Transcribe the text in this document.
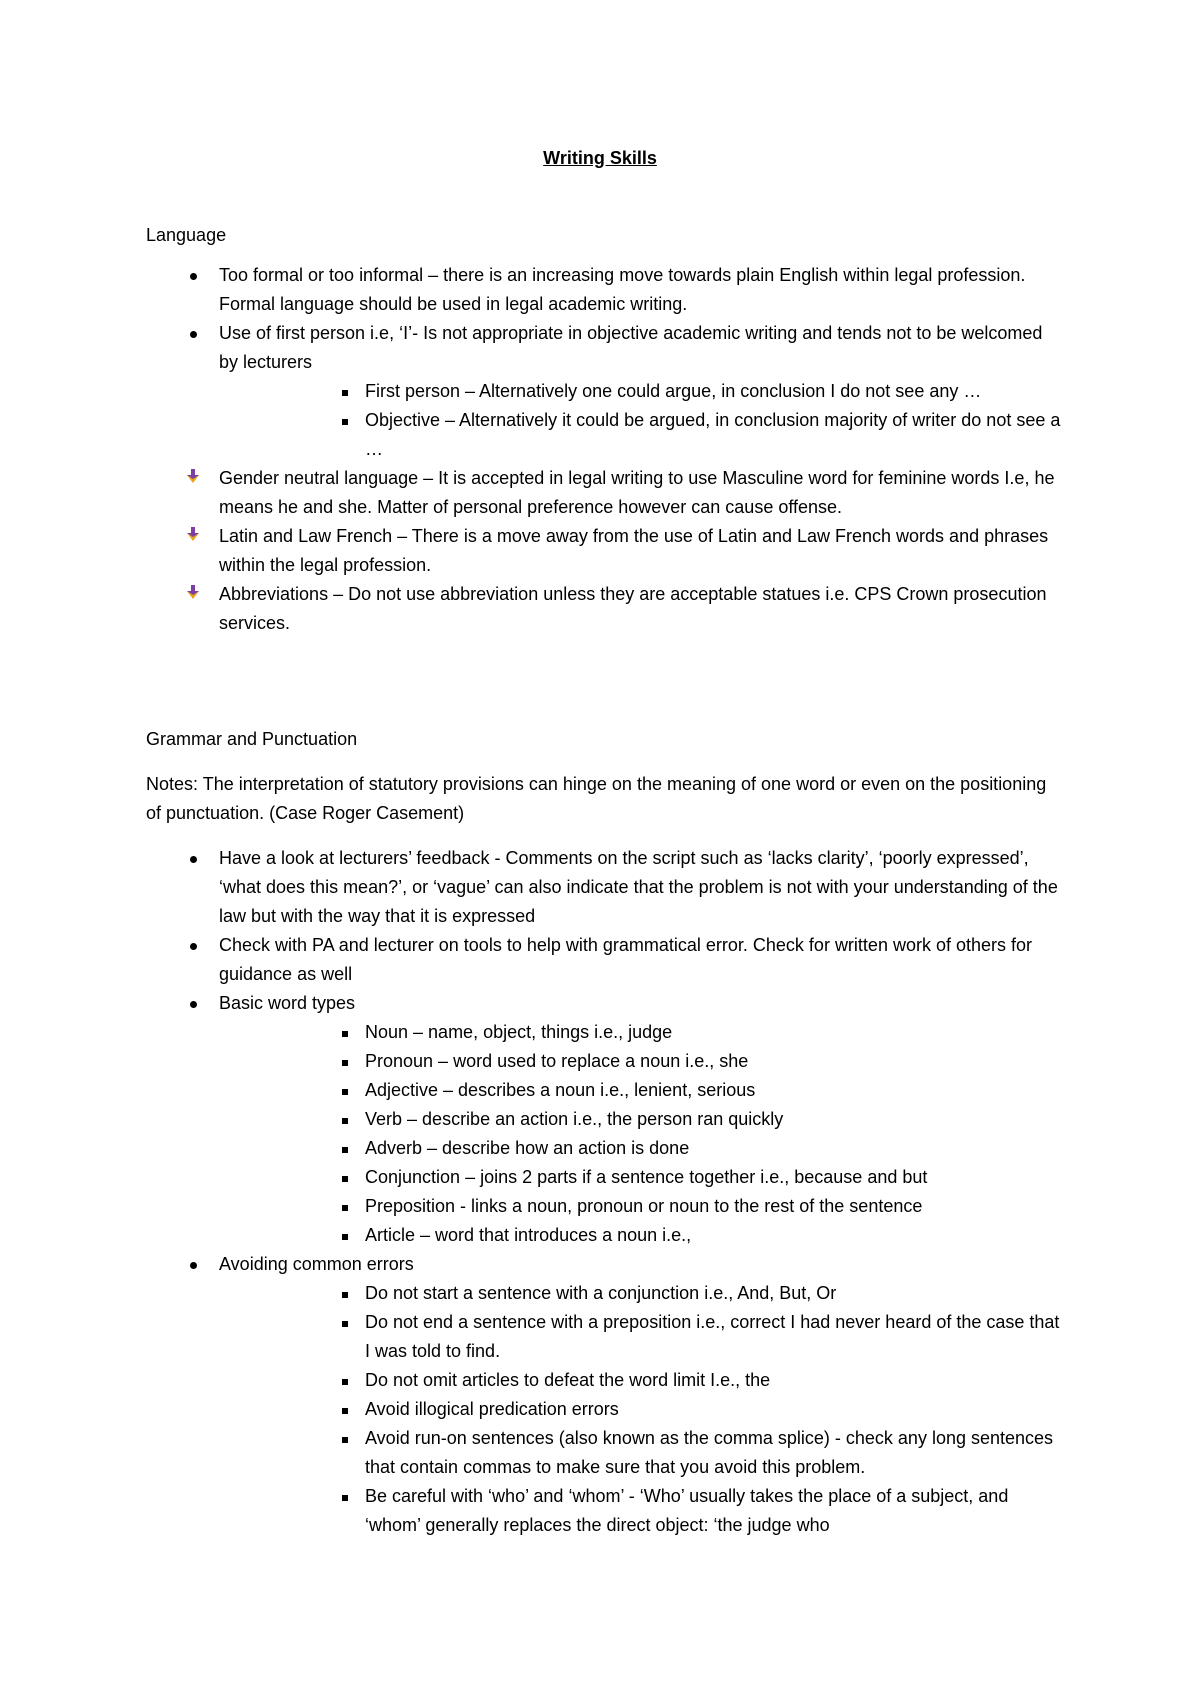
Writing Skills
Language
Too formal or too informal – there is an increasing move towards plain English within legal profession. Formal language should be used in legal academic writing.
Use of first person i.e, ‘I’- Is not appropriate in objective academic writing and tends not to be welcomed by lecturers
First person – Alternatively one could argue, in conclusion I do not see any …
Objective – Alternatively it could be argued, in conclusion majority of writer do not see a …
Gender neutral language – It is accepted in legal writing to use Masculine word for feminine words I.e, he means he and she. Matter of personal preference however can cause offense.
Latin and Law French – There is a move away from the use of Latin and Law French words and phrases within the legal profession.
Abbreviations – Do not use abbreviation unless they are acceptable statues i.e. CPS Crown prosecution services.
Grammar and Punctuation
Notes: The interpretation of statutory provisions can hinge on the meaning of one word or even on the positioning of punctuation. (Case Roger Casement)
Have a look at lecturers’ feedback - Comments on the script such as ‘lacks clarity’, ‘poorly expressed’, ‘what does this mean?’, or ‘vague’ can also indicate that the problem is not with your understanding of the law but with the way that it is expressed
Check with PA and lecturer on tools to help with grammatical error. Check for written work of others for guidance as well
Basic word types
Noun – name, object, things i.e., judge
Pronoun – word used to replace a noun i.e., she
Adjective – describes a noun i.e., lenient, serious
Verb – describe an action i.e., the person ran quickly
Adverb – describe how an action is done
Conjunction – joins 2 parts if a sentence together i.e., because and but
Preposition - links a noun, pronoun or noun to the rest of the sentence
Article – word that introduces a noun i.e.,
Avoiding common errors
Do not start a sentence with a conjunction i.e., And, But, Or
Do not end a sentence with a preposition i.e., correct I had never heard of the case that I was told to find.
Do not omit articles to defeat the word limit I.e., the
Avoid illogical predication errors
Avoid run-on sentences (also known as the comma splice) - check any long sentences that contain commas to make sure that you avoid this problem.
Be careful with ‘who’ and ‘whom’ - ‘Who’ usually takes the place of a subject, and ‘whom’ generally replaces the direct object: ‘the judge who
